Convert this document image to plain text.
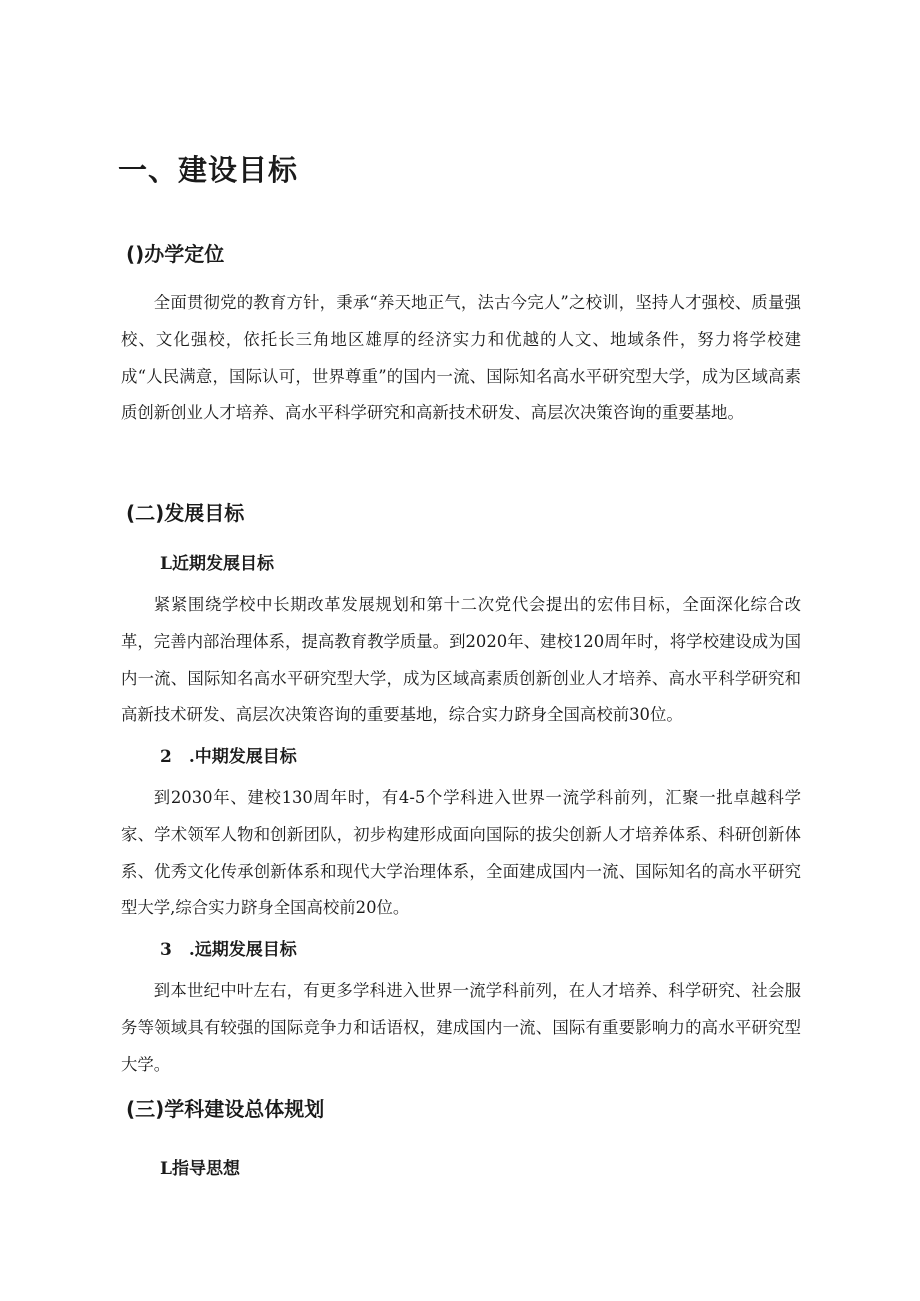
一、建设目标
()办学定位

全面贯彻党的教育方针，秉承“养天地正气，法古今完人”之校训，坚持人才强校、质量强校、文化强校，依托长三角地区雄厚的经济实力和优越的人文、地域条件，努力将学校建成“人民满意，国际认可，世界尊重”的国内一流、国际知名高水平研究型大学，成为区域高素质创新创业人才培养、高水平科学研究和高新技术研发、高层次决策咨询的重要基地。

(二)发展目标
L近期发展目标

紧紧围绕学校中长期改革发展规划和第十二次党代会提出的宏伟目标，全面深化综合改革，完善内部治理体系，提高教育教学质量。到2020年、建校120周年时，将学校建设成为国内一流、国际知名高水平研究型大学，成为区域高素质创新创业人才培养、高水平科学研究和高新技术研发、高层次决策咨询的重要基地，综合实力跻身全国高校前30位。

2　.中期发展目标

到2030年、建校130周年时，有4-5个学科进入世界一流学科前列，汇聚一批卓越科学家、学术领军人物和创新团队，初步构建形成面向国际的拔尖创新人才培养体系、科研创新体系、优秀文化传承创新体系和现代大学治理体系，全面建成国内一流、国际知名的高水平研究型大学,综合实力跻身全国高校前20位。

3　.远期发展目标

到本世纪中叶左右，有更多学科进入世界一流学科前列，在人才培养、科学研究、社会服务等领域具有较强的国际竞争力和话语权，建成国内一流、国际有重要影响力的高水平研究型大学。

(三)学科建设总体规划
L指导思想
